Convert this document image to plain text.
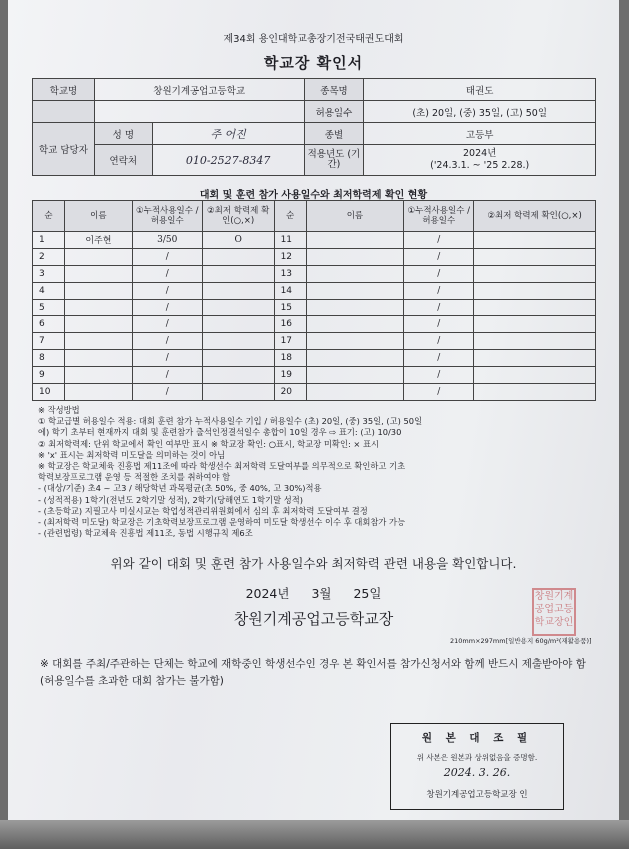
제34회 용인대학교총장기전국태권도대회
학교장 확인서
학교명	창원기계공업고등학교		종목명	태권도
			허용일수	(초) 20일, (중) 35일, (고) 50일
학교 담당자	성 명	주 어진	종별	고등부
	연락처	010-2527-8347	적용년도 (기간)	2024년
('24.3.1. ~ '25 2.28.)
대회 및 훈련 참가 사용일수와 최저학력제 확인 현황
순	이름	①누적사용일수 /허용일수	②최저 학력제 확인(○,×)	순	이름	①누적사용일수 /허용일수	②최저 학력제 확인(○,×)
1	이주현	3/50	O	11		/	
2		/		12		/	
3		/		13		/	
4		/		14		/	
5		/		15		/	
6		/		16		/	
7		/		17		/	
8		/		18		/	
9		/		19		/	
10		/		20		/	
※ 작성방법
① 학교급별 허용일수 적용: 대회 훈련 참가 누적사용일수 기입 / 허용일수 (초) 20일, (중) 35일, (고) 50일
에) 학기 초부터 현재까지 대회 및 훈련참가 출석인정결석일수 총합이 10일 경우 ⇨ 표기: (고) 10/30
② 최저학력제: 단위 학교에서 확인 여부만 표시 ※ 학교장 확인: ○표시, 학교장 미확인: × 표시
※ 'x' 표시는 최저학력 미도달을 의미하는 것이 아님
※ 학교장은 학교체육 진흥법 제11조에 따라 학생선수 최저학력 도달여부를 의무적으로 확인하고 기초
학력보장프로그램 운영 등 적절한 조치를 취하여야 함
- (대상/기준) 초4 ~ 고3 / 해당학년 과목평균(초 50%, 중 40%, 고 30%)적용
- (성적적용) 1학기(전년도 2학기말 성적), 2학기(당해연도 1학기말 성적)
- (초등학교) 지필고사 미실시교는 학업성적관리위원회에서 심의 후 최저학력 도달여부 결정
- (최저학력 미도달) 학교장은 기초학력보장프로그램 운영하여 미도달 학생선수 이수 후 대회참가 가능
- (관련법령) 학교체육 진흥법 제11조, 동법 시행규칙 제6조
위와 같이 대회 및 훈련 참가 사용일수와 최저학력 관련 내용을 확인합니다.
2024년 3월 25일
창원기계공업고등학교장
210mm×297mm[일반용지 60g/m²(재활용품)]
창원기계공업고등학교장인
※ 대회를 주최/주관하는 단체는 학교에 재학중인 학생선수인 경우 본 확인서를 참가신청서와 함께 반드시 제출받아야 함(허용일수를 초과한 대회 참가는 불가함)
원 본 대 조 필
위 사본은 원본과 상위없음을 증명함.
2024. 3. 26.
창원기계공업고등학교장 인
